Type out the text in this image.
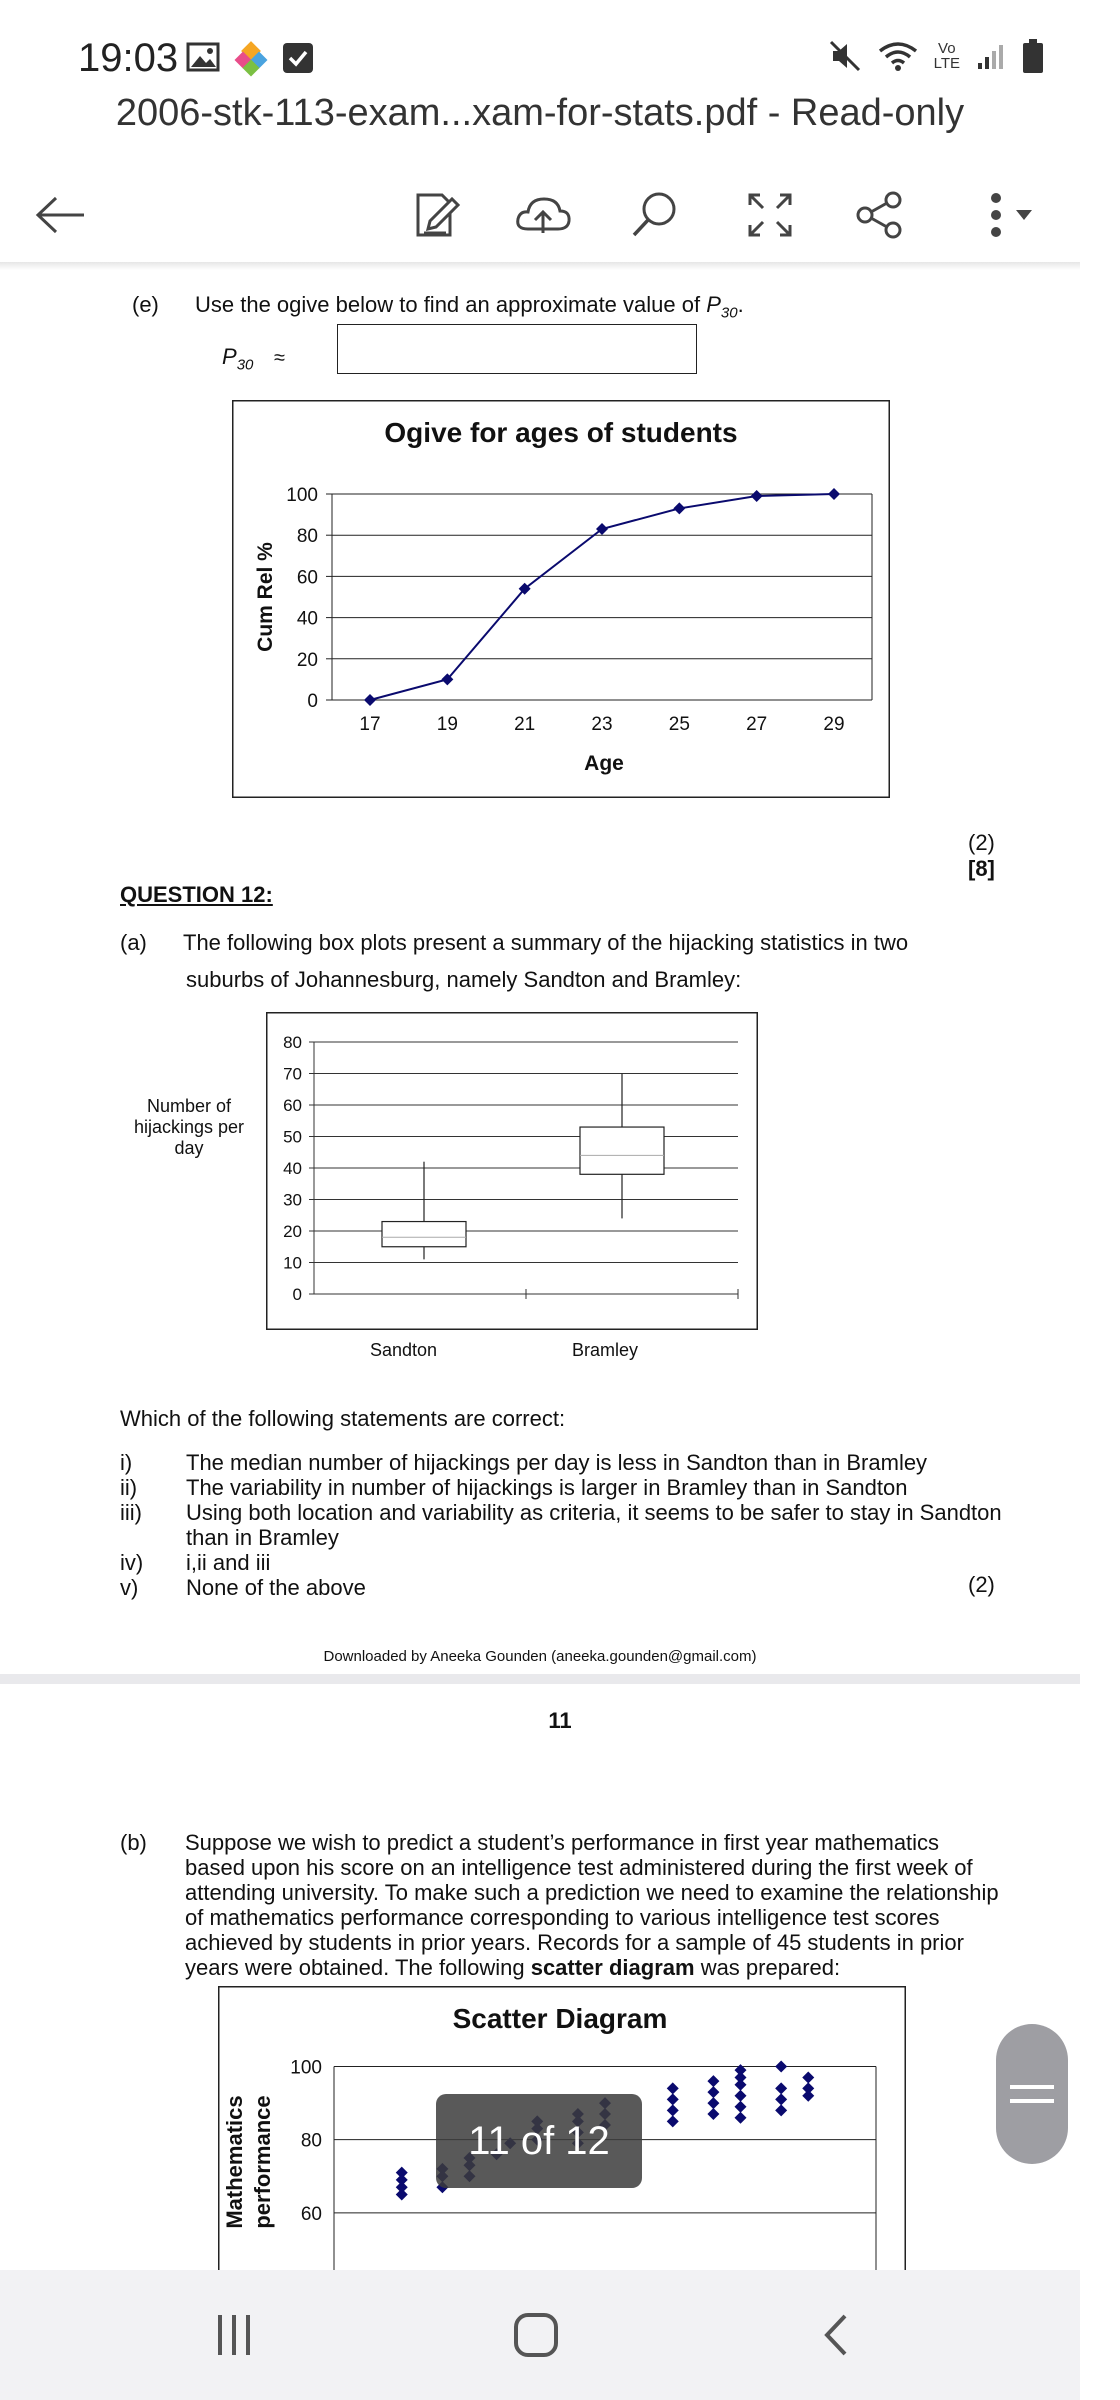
19:03	Vo
LTE
2006-stk-113-exam...xam-for-stats.pdf - Read-only
(e) Use the ogive below to find an approximate value of $P_{30}$.
$P_{30}$ ≈
Ogive for ages of students
0
20
40
60
80
100
17	19	21	23	25	27	29
Cum Rel %
Age
(2)
[8]
QUESTION 12:
(a) The following box plots present a summary of the hijacking statistics in two
suburbs of Johannesburg, namely Sandton and Bramley:
0
10
20
30
40
50
60
70
80
Number of hijackings per day
Sandton	Bramley
Which of the following statements are correct:
i) The median number of hijackings per day is less in Sandton than in Bramley
ii) The variability in number of hijackings is larger in Bramley than in Sandton
iii) Using both location and variability as criteria, it seems to be safer to stay in Sandton than in Bramley
iv) i,ii and iii
v) None of the above	(2)
Downloaded by Aneeka Gounden (aneeka.gounden@gmail.com)
11
(b) Suppose we wish to predict a student’s performance in first year mathematics based upon his score on an intelligence test administered during the first week of attending university. To make such a prediction we need to examine the relationship of mathematics performance corresponding to various intelligence test scores achieved by students in prior years. Records for a sample of 45 students in prior years were obtained. The following scatter diagram was prepared:
Scatter Diagram
60
80
100
Mathematics performance	11 of 12
